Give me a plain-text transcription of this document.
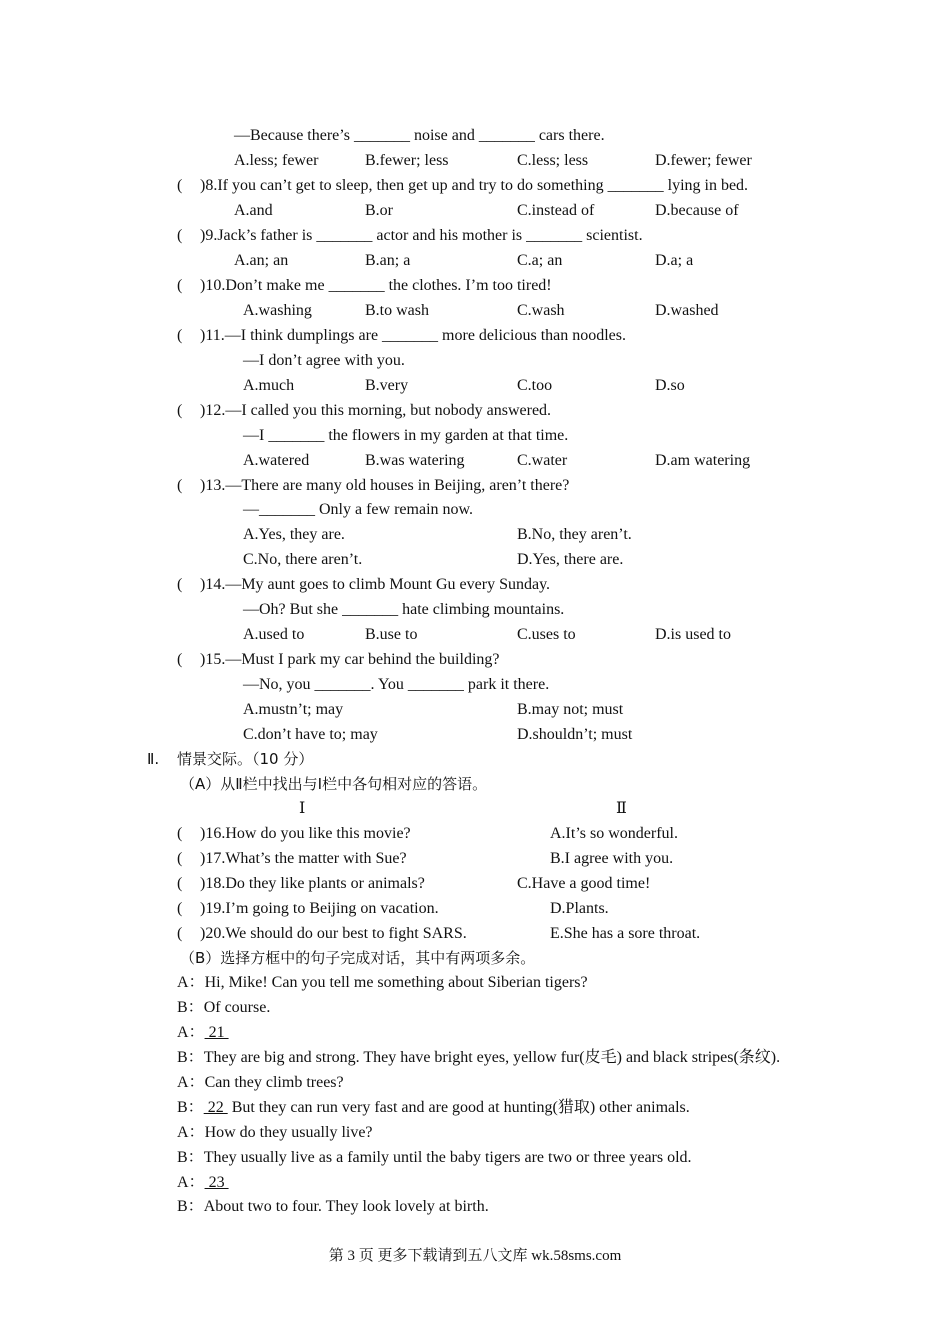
—Because there’s _______ noise and _______ cars there.
A.less; fewer	B.fewer; less	C.less; less	D.fewer; fewer
( )8.If you can’t get to sleep, then get up and try to do something _______ lying in bed.
A.and	B.or	C.instead of	D.because of
( )9.Jack’s father is _______ actor and his mother is _______ scientist.
A.an; an	B.an; a	C.a; an	D.a; a
( )10.Don’t make me _______ the clothes. I’m too tired!
A.washing	B.to wash	C.wash	D.washed
( )11.—I think dumplings are _______ more delicious than noodles.
—I don’t agree with you.
A.much	B.very	C.too	D.so
( )12.—I called you this morning, but nobody answered.
—I _______ the flowers in my garden at that time.
A.watered	B.was watering	C.water	D.am watering
( )13.—There are many old houses in Beijing, aren’t there?
—_______ Only a few remain now.
A.Yes, they are.	B.No, they aren’t.
C.No, there aren’t.	D.Yes, there are.
( )14.—My aunt goes to climb Mount Gu every Sunday.
—Oh? But she _______ hate climbing mountains.
A.used to	B.use to	C.uses to	D.is used to
( )15.—Must I park my car behind the building?
—No, you _______. You _______ park it there.
A.mustn’t; may	B.may not; must
C.don’t have to; may	D.shouldn’t; must
Ⅱ. 情景交际。（10 分）
（A）从Ⅱ栏中找出与Ⅰ栏中各句相对应的答语。
Ⅰ	Ⅱ
( )16.How do you like this movie?	A.It’s so wonderful.
( )17.What’s the matter with Sue?	B.I agree with you.
( )18.Do they like plants or animals?	C.Have a good time!
( )19.I’m going to Beijing on vacation.	D.Plants.
( )20.We should do our best to fight SARS.	E.She has a sore throat.
（B）选择方框中的句子完成对话，其中有两项多余。
A：Hi, Mike! Can you tell me something about Siberian tigers?
B：Of course.
A： 21
B：They are big and strong. They have bright eyes, yellow fur(皮毛) and black stripes(条纹).
A：Can they climb trees?
B： 22  But they can run very fast and are good at hunting(猎取) other animals.
A：How do they usually live?
B：They usually live as a family until the baby tigers are two or three years old.
A： 23
B：About two to four. They look lovely at birth.
第 3 页 更多下载请到五八文库 wk.58sms.com
